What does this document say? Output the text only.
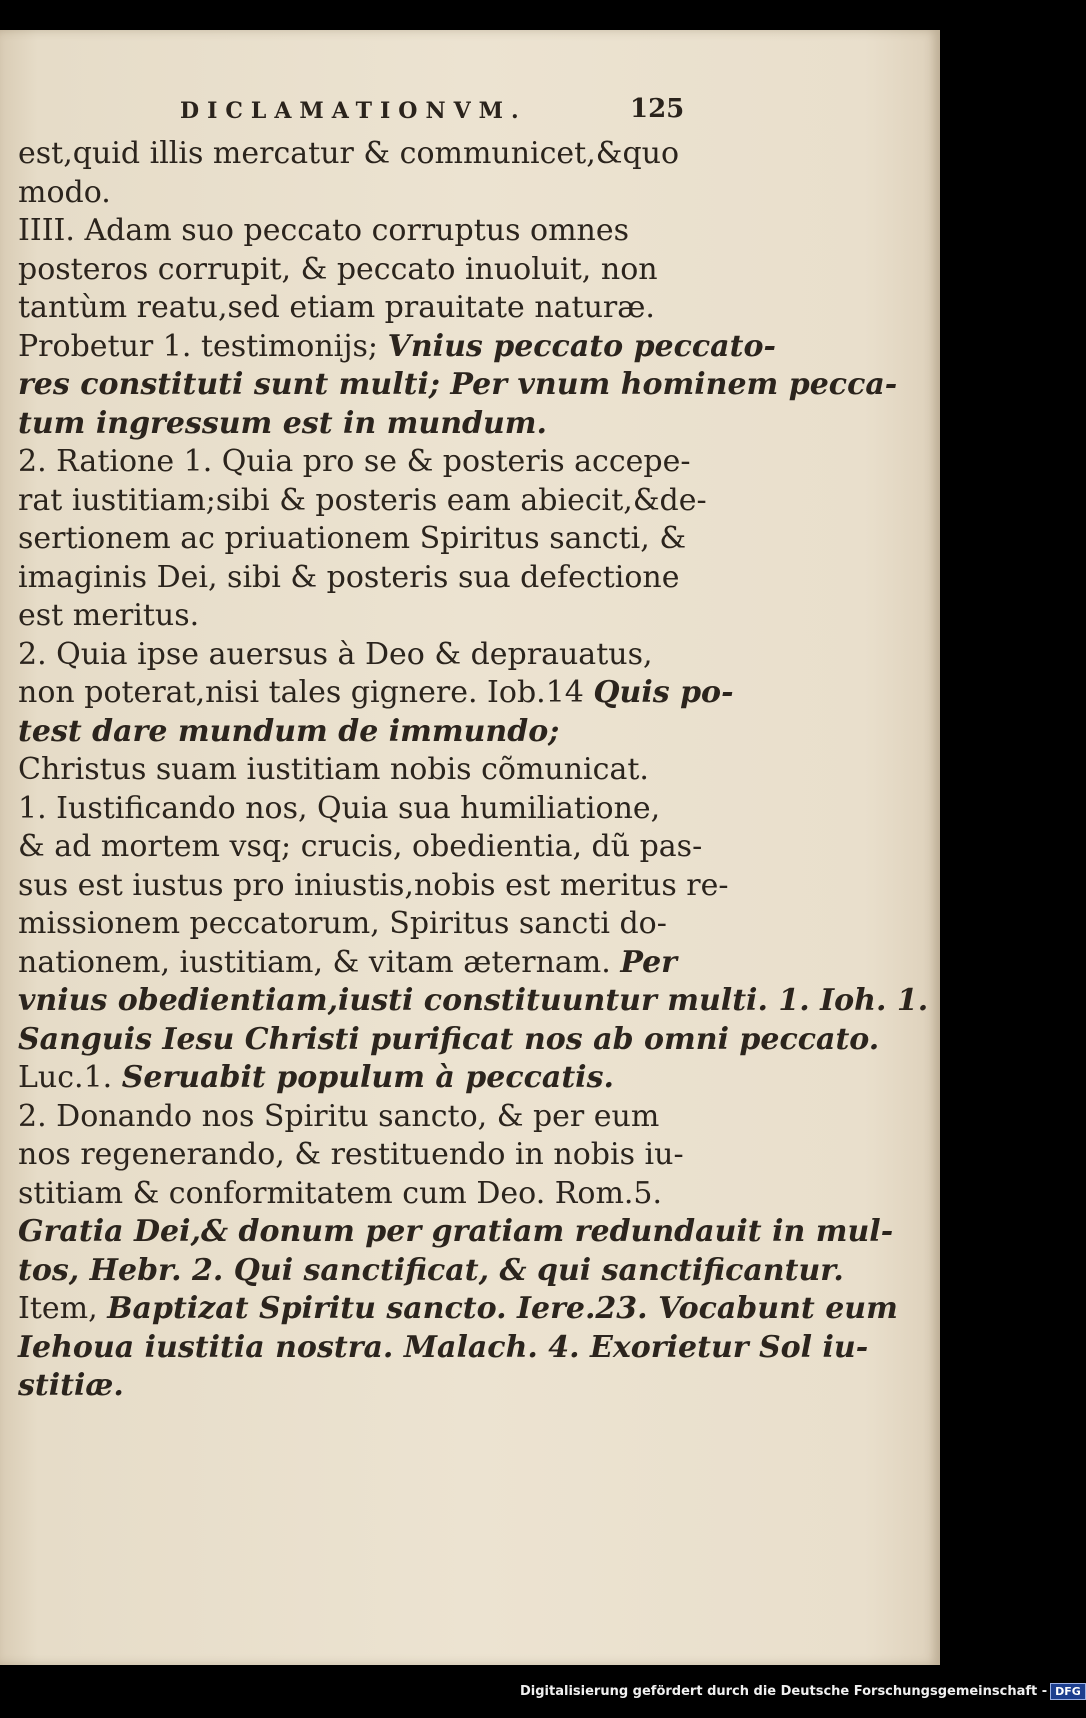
DICLAMATIONVM.	125
est,quid illis mercatur & communicet,&quo
modo.
IIII. Adam suo peccato corruptus omnes
posteros corrupit, & peccato inuoluit, non
tantùm reatu,sed etiam prauitate naturæ.
Probetur 1. testimonijs; Vnius peccato peccato-
res constituti sunt multi; Per vnum hominem pecca-
tum ingressum est in mundum.
2. Ratione 1. Quia pro se & posteris accepe-
rat iustitiam;sibi & posteris eam abiecit,&de-
sertionem ac priuationem Spiritus sancti, &
imaginis Dei, sibi & posteris sua defectione
est meritus.
2. Quia ipse auersus à Deo & deprauatus,
non poterat,nisi tales gignere. Iob.14 Quis po-
test dare mundum de immundo;
Christus suam iustitiam nobis cõmunicat.
1. Iustificando nos, Quia sua humiliatione,
& ad mortem vsq; crucis, obedientia, dũ pas-
sus est iustus pro iniustis,nobis est meritus re-
missionem peccatorum, Spiritus sancti do-
nationem, iustitiam, & vitam æternam. Per
vnius obedientiam,iusti constituuntur multi. 1. Ioh. 1.
Sanguis Iesu Christi purificat nos ab omni peccato.
Luc.1. Seruabit populum à peccatis.
2. Donando nos Spiritu sancto, & per eum
nos regenerando, & restituendo in nobis iu-
stitiam & conformitatem cum Deo. Rom.5.
Gratia Dei,& donum per gratiam redundauit in mul-
tos, Hebr. 2. Qui sanctificat, & qui sanctificantur.
Item, Baptizat Spiritu sancto. Iere.23. Vocabunt eum
Iehoua iustitia nostra. Malach. 4. Exorietur Sol iu-
stitiæ.
Digitalisierung gefördert durch die Deutsche Forschungsgemeinschaft - DFG
